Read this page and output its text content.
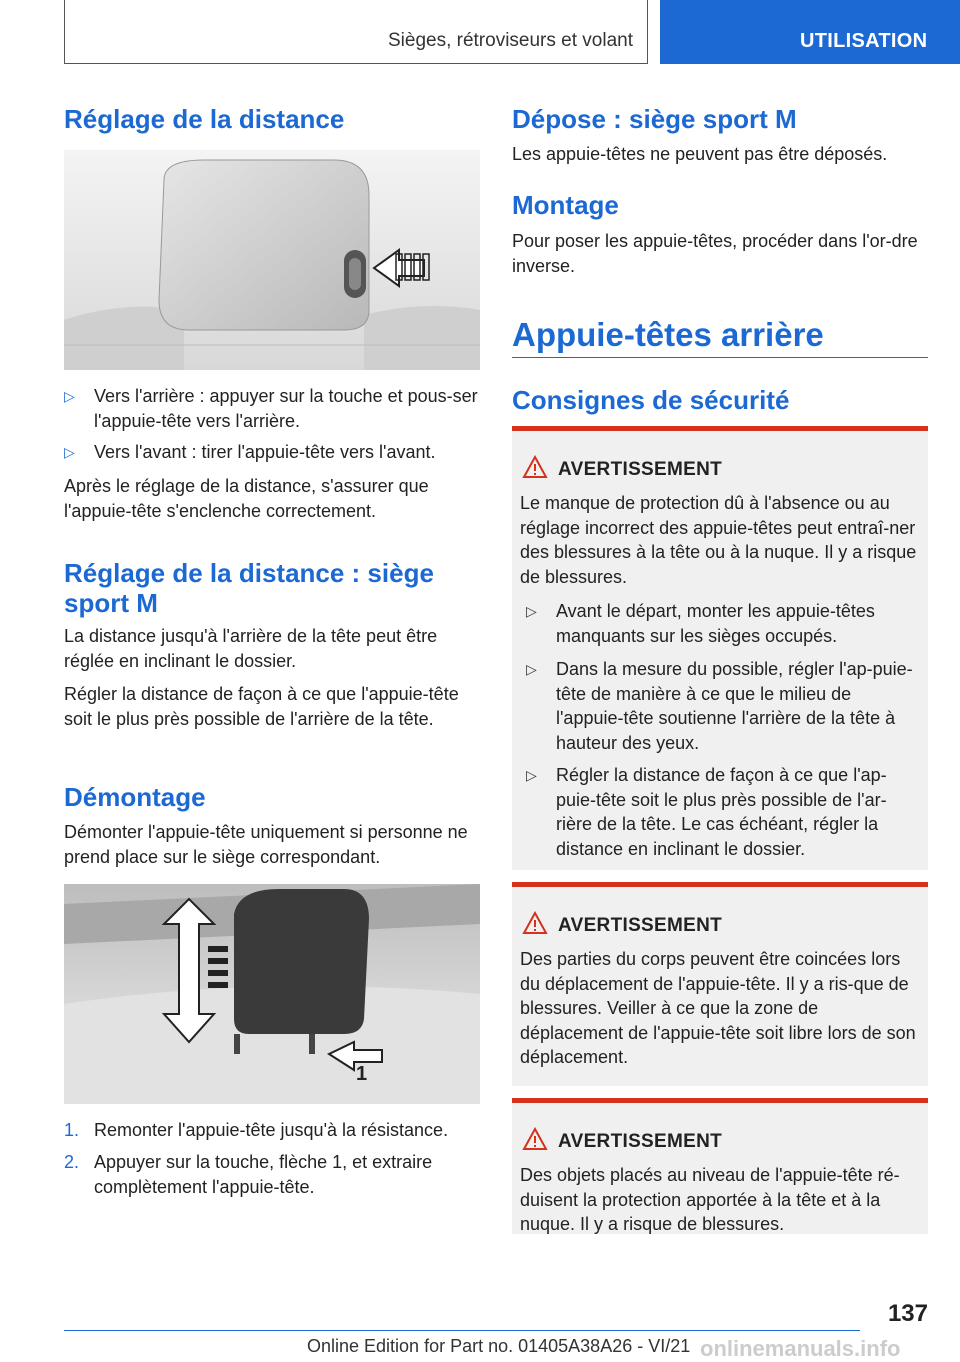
Sièges, rétroviseurs et volant	UTILISATION
Réglage de la distance
▷ Vers l'arrière : appuyer sur la touche et pous-ser l'appuie-tête vers l'arrière.
▷ Vers l'avant : tirer l'appuie-tête vers l'avant.

Après le réglage de la distance, s'assurer que l'appuie-tête s'enclenche correctement.

Réglage de la distance : siège sport M

La distance jusqu'à l'arrière de la tête peut être réglée en inclinant le dossier.

Régler la distance de façon à ce que l'appuie-tête soit le plus près possible de l'arrière de la tête.

Démontage

Démonter l'appuie-tête uniquement si personne ne prend place sur le siège correspondant.

1
1. Remonter l'appuie-tête jusqu'à la résistance.
2. Appuyer sur la touche, flèche 1, et extraire complètement l'appuie-tête.
Dépose : siège sport M

Les appuie-têtes ne peuvent pas être déposés.

Montage

Pour poser les appuie-têtes, procéder dans l'or-dre inverse.

Appuie-têtes arrière
Consignes de sécurité
AVERTISSEMENT

Le manque de protection dû à l'absence ou au réglage incorrect des appuie-têtes peut entraî-ner des blessures à la tête ou à la nuque. Il y a risque de blessures.

▷ Avant le départ, monter les appuie-têtes manquants sur les sièges occupés.
▷ Dans la mesure du possible, régler l'ap-puie-tête de manière à ce que le milieu de l'appuie-tête soutienne l'arrière de la tête à hauteur des yeux.
▷ Régler la distance de façon à ce que l'ap-puie-tête soit le plus près possible de l'ar-rière de la tête. Le cas échéant, régler la distance en inclinant le dossier.
AVERTISSEMENT

Des parties du corps peuvent être coincées lors du déplacement de l'appuie-tête. Il y a ris-que de blessures. Veiller à ce que la zone de déplacement de l'appuie-tête soit libre lors de son déplacement.

AVERTISSEMENT

Des objets placés au niveau de l'appuie-tête ré-duisent la protection apportée à la tête et à la nuque. Il y a risque de blessures.

137
Online Edition for Part no. 01405A38A26 - VI/21 onlinemanuals.info
